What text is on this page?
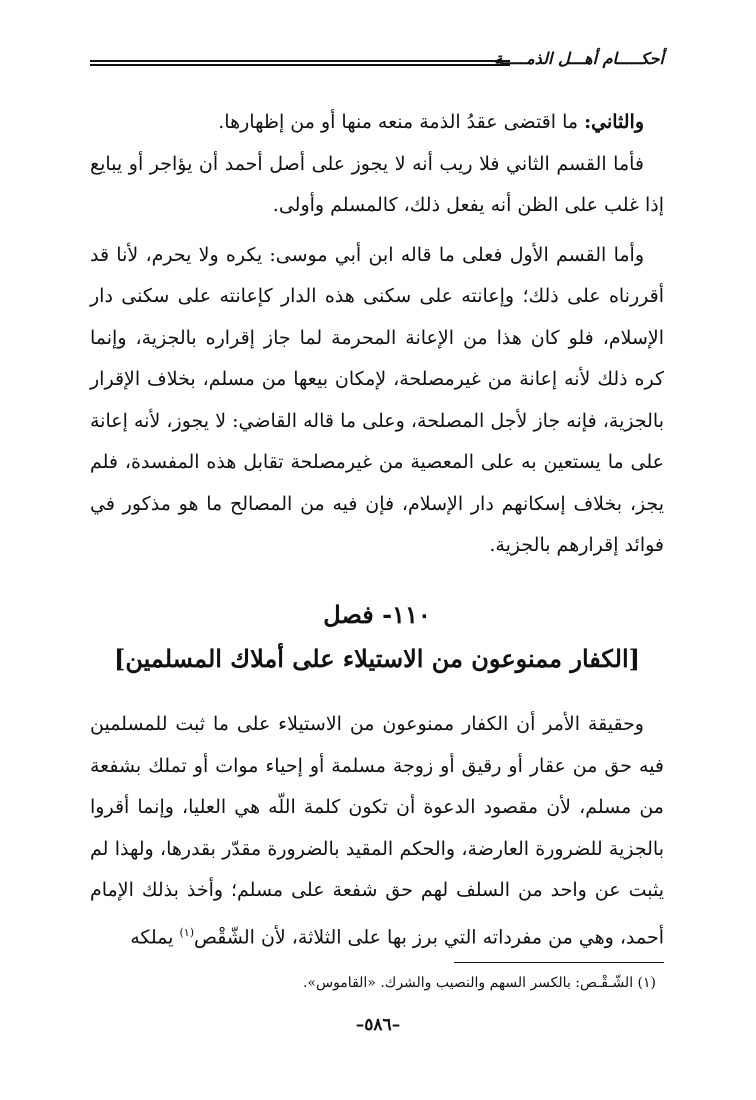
أحكـــــام أهـــل الذمـــــة

والثاني: ما اقتضى عقدُ الذمة منعه منها أو من إظهارها.

فأما القسم الثاني فلا ريب أنه لا يجوز على أصل أحمد أن يؤاجر أو يبايع إذا غلب على الظن أنه يفعل ذلك، كالمسلم وأولى.

وأما القسم الأول فعلى ما قاله ابن أبي موسى: يكره ولا يحرم، لأنا قد أقررناه على ذلك؛ وإعانته على سكنى هذه الدار كإعانته على سكنى دار الإسلام، فلو كان هذا من الإعانة المحرمة لما جاز إقراره بالجزية، وإنما كره ذلك لأنه إعانة من غيرمصلحة، لإمكان بيعها من مسلم، بخلاف الإقرار بالجزية، فإنه جاز لأجل المصلحة، وعلى ما قاله القاضي: لا يجوز، لأنه إعانة على ما يستعين به على المعصية من غيرمصلحة تقابل هذه المفسدة، فلم يجز، بخلاف إسكانهم دار الإسلام، فإن فيه من المصالح ما هو مذكور في فوائد إقرارهم بالجزية.

١١٠- فصل
[الكفار ممنوعون من الاستيلاء على أملاك المسلمين]

وحقيقة الأمر أن الكفار ممنوعون من الاستيلاء على ما ثبت للمسلمين فيه حق من عقار أو رقيق أو زوجة مسلمة أو إحياء موات أو تملك بشفعة من مسلم، لأن مقصود الدعوة أن تكون كلمة اللّه هي العليا، وإنما أقروا بالجزية للضرورة العارضة، والحكم المقيد بالضرورة مقدّر بقدرها، ولهذا لم يثبت عن واحد من السلف لهم حق شفعة على مسلم؛ وأخذ بذلك الإمام أحمد، وهي من مفرداته التي برز بها على الثلاثة، لأن الشّقْص$^{(١)}$ يملكه

(١) الشّـقْـص: بالكسر السهم والنصيب والشرك. «القاموس».
–٥٨٦–
